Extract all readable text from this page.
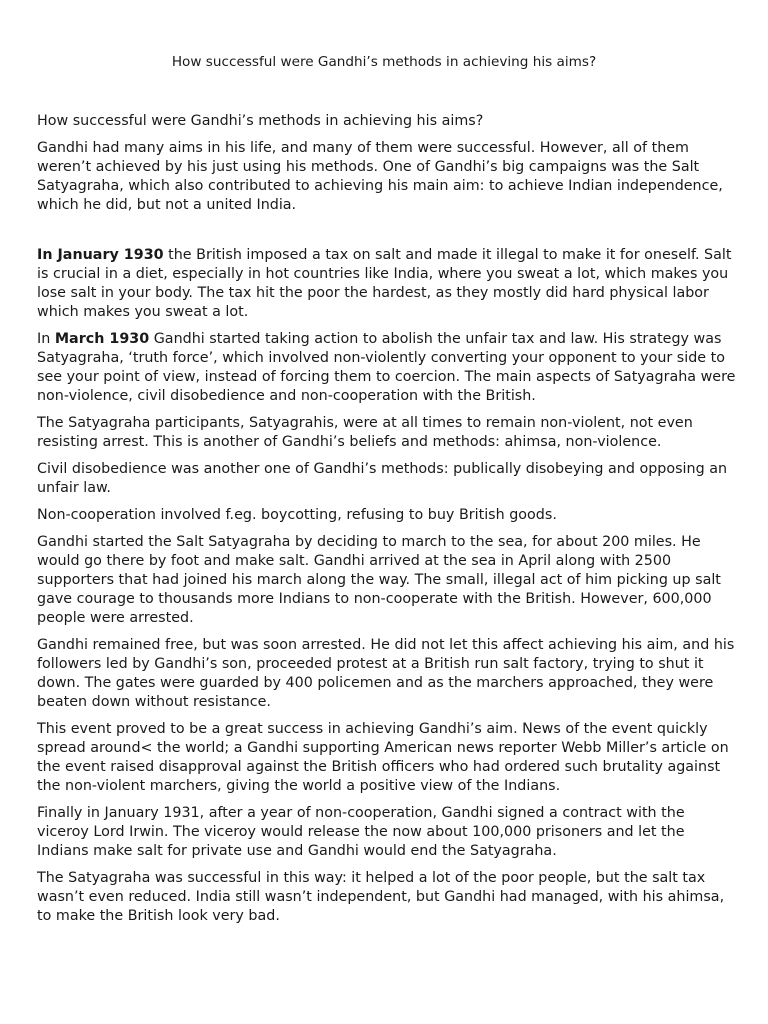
How successful were Gandhi’s methods in achieving his aims?

How successful were Gandhi’s methods in achieving his aims?

Gandhi had many aims in his life, and many of them were successful. However, all of them weren’t achieved by his just using his methods. One of Gandhi’s big campaigns was the Salt Satyagraha, which also contributed to achieving his main aim: to achieve Indian independence, which he did, but not a united India.

In January 1930 the British imposed a tax on salt and made it illegal to make it for oneself. Salt is crucial in a diet, especially in hot countries like India, where you sweat a lot, which makes you lose salt in your body. The tax hit the poor the hardest, as they mostly did hard physical labor which makes you sweat a lot.

In March 1930 Gandhi started taking action to abolish the unfair tax and law. His strategy was Satyagraha, ‘truth force’, which involved non-violently converting your opponent to your side to see your point of view, instead of forcing them to coercion. The main aspects of Satyagraha were non-violence, civil disobedience and non-cooperation with the British.

The Satyagraha participants, Satyagrahis, were at all times to remain non-violent, not even resisting arrest. This is another of Gandhi’s beliefs and methods: ahimsa, non-violence.

Civil disobedience was another one of Gandhi’s methods: publically disobeying and opposing an unfair law.

Non-cooperation involved f.eg. boycotting, refusing to buy British goods.

Gandhi started the Salt Satyagraha by deciding to march to the sea, for about 200 miles. He would go there by foot and make salt. Gandhi arrived at the sea in April along with 2500 supporters that had joined his march along the way. The small, illegal act of him picking up salt gave courage to thousands more Indians to non-cooperate with the British. However, 600,000 people were arrested.

Gandhi remained free, but was soon arrested. He did not let this affect achieving his aim, and his followers led by Gandhi’s son, proceeded protest at a British run salt factory, trying to shut it down. The gates were guarded by 400 policemen and as the marchers approached, they were beaten down without resistance.

This event proved to be a great success in achieving Gandhi’s aim. News of the event quickly spread around< the world; a Gandhi supporting American news reporter Webb Miller’s article on the event raised disapproval against the British officers who had ordered such brutality against the non-violent marchers, giving the world a positive view of the Indians.

Finally in January 1931, after a year of non-cooperation, Gandhi signed a contract with the viceroy Lord Irwin. The viceroy would release the now about 100,000 prisoners and let the Indians make salt for private use and Gandhi would end the Satyagraha.

The Satyagraha was successful in this way: it helped a lot of the poor people, but the salt tax wasn’t even reduced. India still wasn’t independent, but Gandhi had managed, with his ahimsa, to make the British look very bad.
